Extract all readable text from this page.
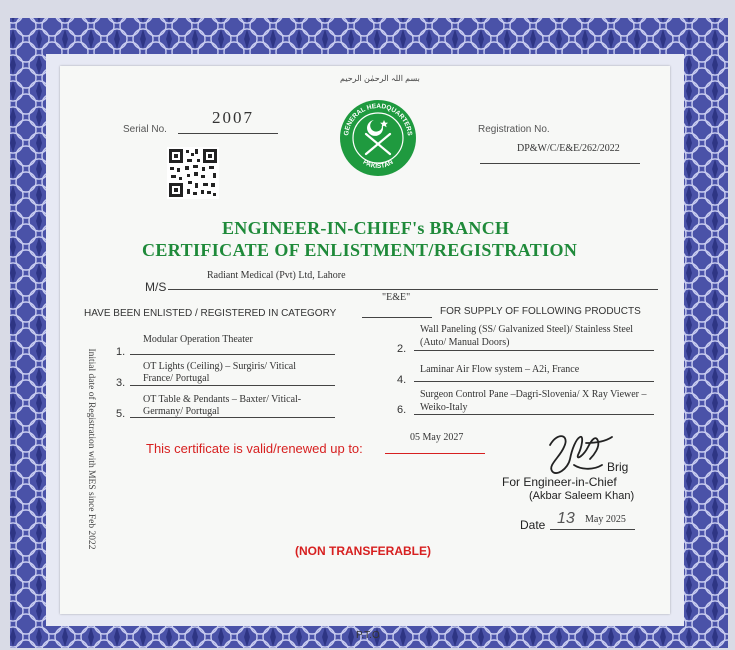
بسم اللہ الرحمٰن الرحیم
Serial No.
2007
GENERAL HEADQUARTERS
PAKISTAN
Registration No.
DP&W/C/E&E/262/2022
ENGINEER-IN-CHIEF's BRANCH
CERTIFICATE OF ENLISTMENT/REGISTRATION
Radiant Medical (Pvt) Ltd, Lahore
M/S
"E&E"
HAVE BEEN ENLISTED / REGISTERED IN CATEGORY	FOR SUPPLY OF FOLLOWING PRODUCTS
1.
Modular Operation Theater
3.
OT Lights (Ceiling) – Surgiris/ Vitical
France/ Portugal
5.
OT Table & Pendants – Baxter/ Vitical-
Germany/ Portugal
2.
Wall Paneling (SS/ Galvanized Steel)/ Stainless Steel
(Auto/ Manual Doors)
4.
Laminar Air Flow system – A2i, France
6.
Surgeon Control Pane –Dagri-Slovenia/ X Ray Viewer –
Weiko-Italy
05 May 2027
This certificate is valid/renewed up to:
Brig
For Engineer-in-Chief
(Akbar Saleem Khan)
Date 13 May 2025
Initial date of Registration with MES since Feb 2022
(NON TRANSFERABLE)
P.T.O
